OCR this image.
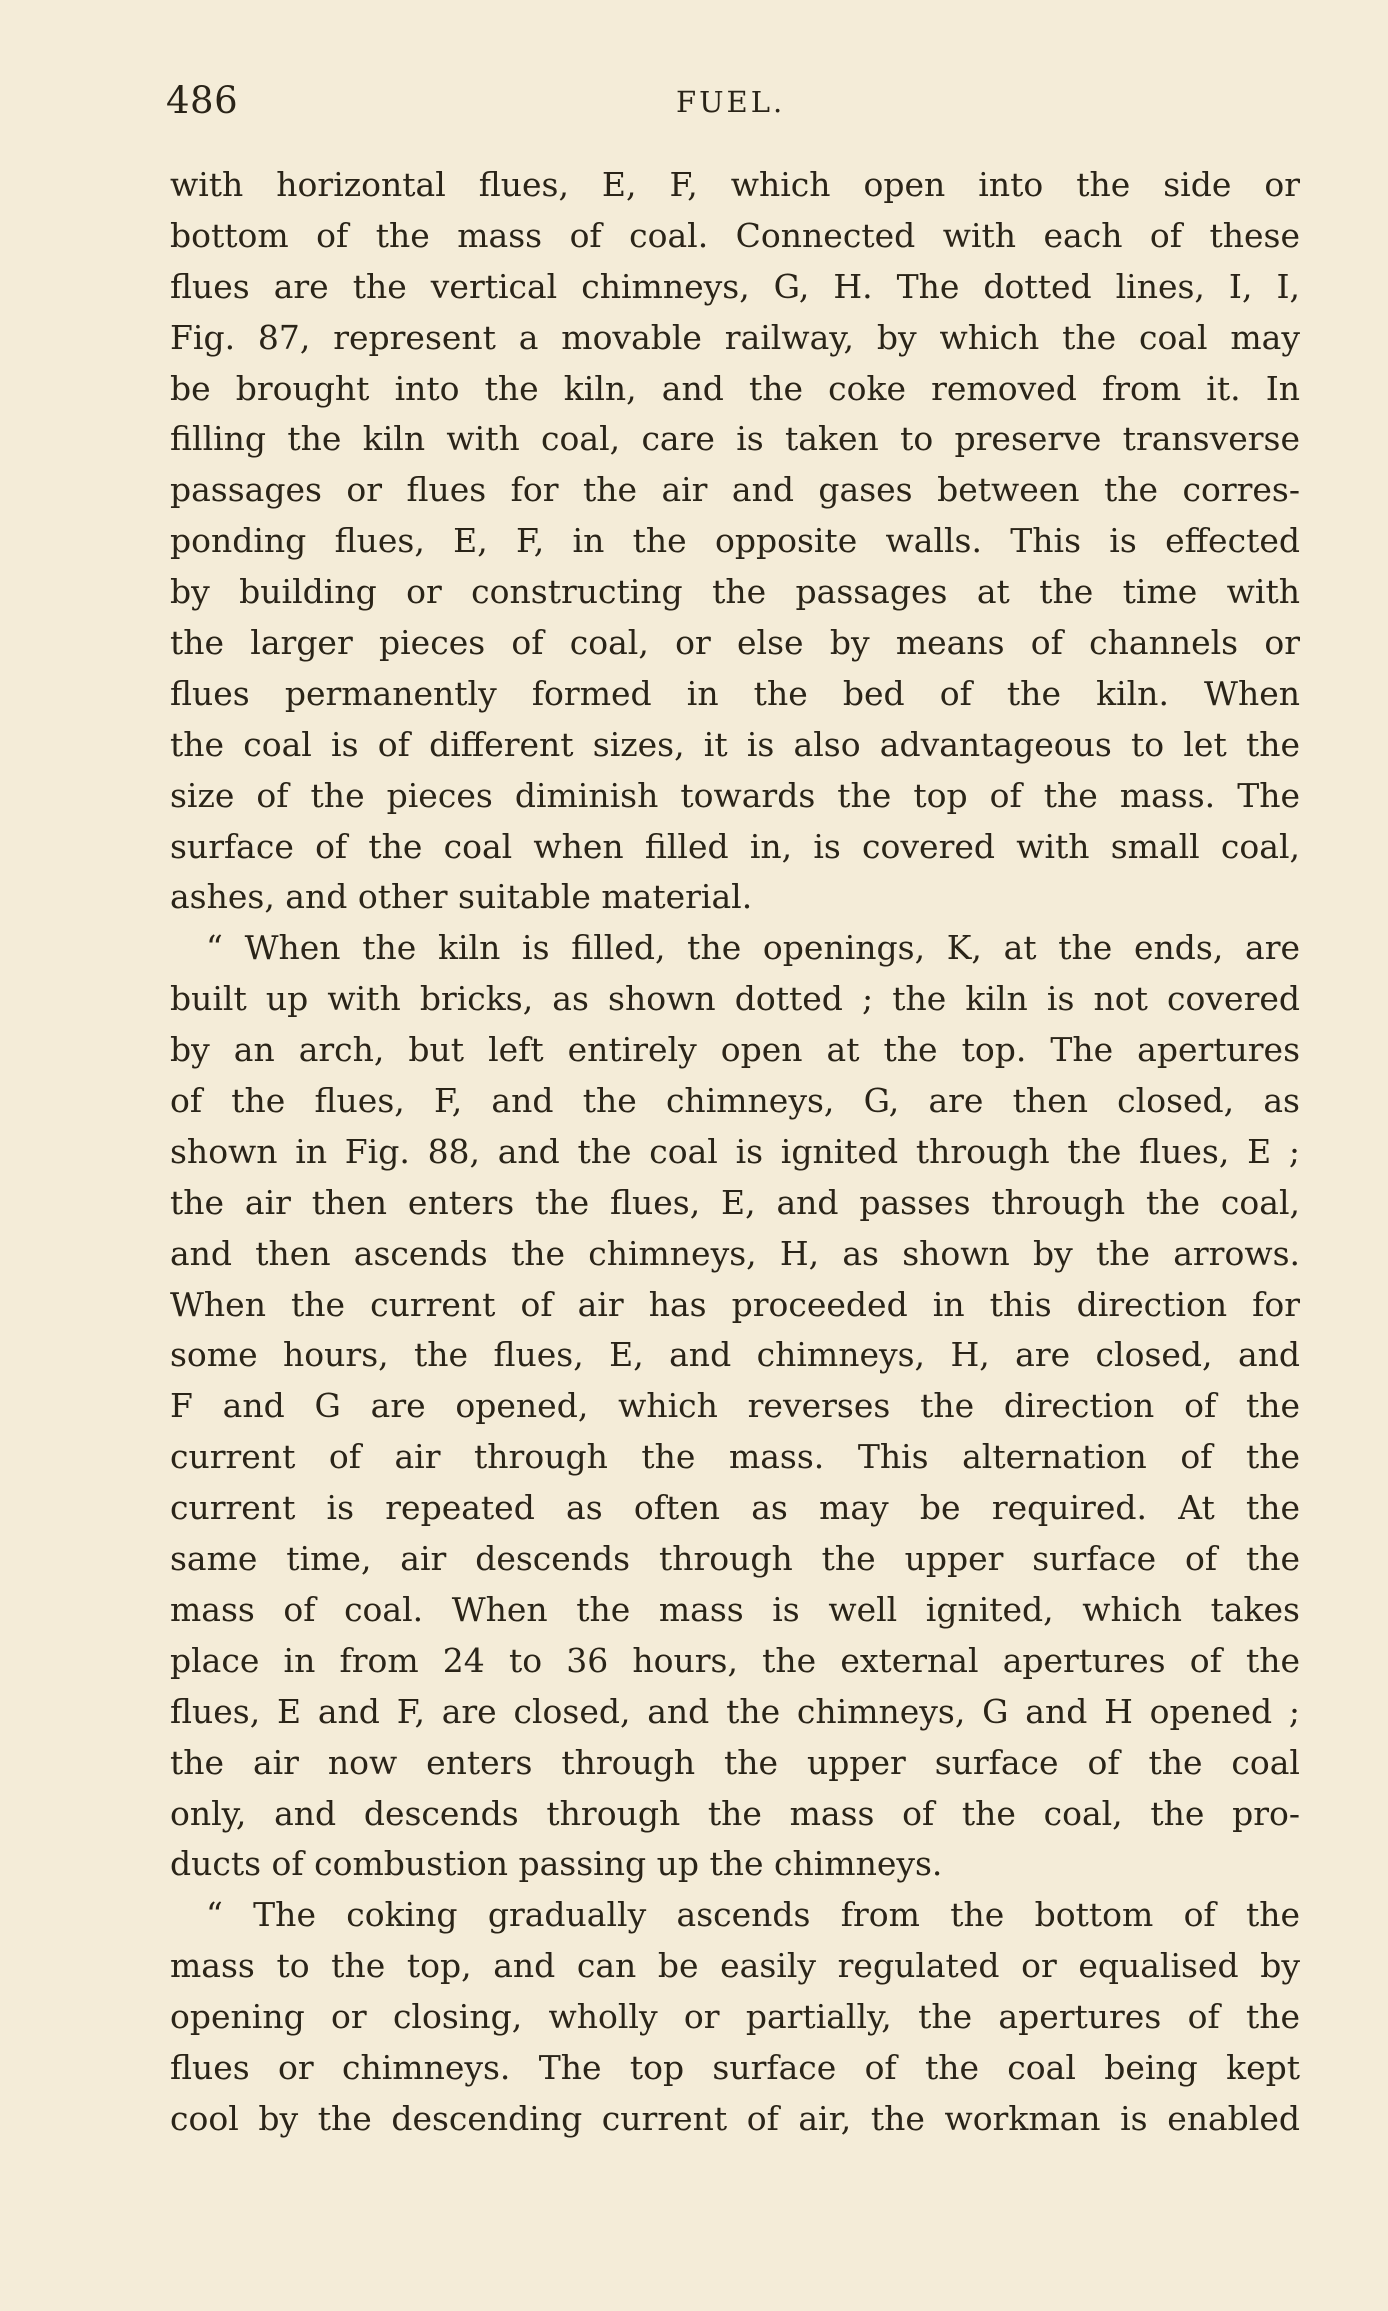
486	FUEL.
with horizontal flues, E, F, which open into the side or
bottom of the mass of coal. Connected with each of these
flues are the vertical chimneys, G, H. The dotted lines, I, I,
Fig. 87, represent a movable railway, by which the coal may
be brought into the kiln, and the coke removed from it. In
filling the kiln with coal, care is taken to preserve transverse
passages or flues for the air and gases between the corres-
ponding flues, E, F, in the opposite walls. This is effected
by building or constructing the passages at the time with
the larger pieces of coal, or else by means of channels or
flues permanently formed in the bed of the kiln. When
the coal is of different sizes, it is also advantageous to let the
size of the pieces diminish towards the top of the mass. The
surface of the coal when filled in, is covered with small coal,
ashes, and other suitable material.
“ When the kiln is filled, the openings, K, at the ends, are
built up with bricks, as shown dotted ; the kiln is not covered
by an arch, but left entirely open at the top. The apertures
of the flues, F, and the chimneys, G, are then closed, as
shown in Fig. 88, and the coal is ignited through the flues, E ;
the air then enters the flues, E, and passes through the coal,
and then ascends the chimneys, H, as shown by the arrows.
When the current of air has proceeded in this direction for
some hours, the flues, E, and chimneys, H, are closed, and
F and G are opened, which reverses the direction of the
current of air through the mass. This alternation of the
current is repeated as often as may be required. At the
same time, air descends through the upper surface of the
mass of coal. When the mass is well ignited, which takes
place in from 24 to 36 hours, the external apertures of the
flues, E and F, are closed, and the chimneys, G and H opened ;
the air now enters through the upper surface of the coal
only, and descends through the mass of the coal, the pro-
ducts of combustion passing up the chimneys.
“ The coking gradually ascends from the bottom of the
mass to the top, and can be easily regulated or equalised by
opening or closing, wholly or partially, the apertures of the
flues or chimneys. The top surface of the coal being kept
cool by the descending current of air, the workman is enabled
